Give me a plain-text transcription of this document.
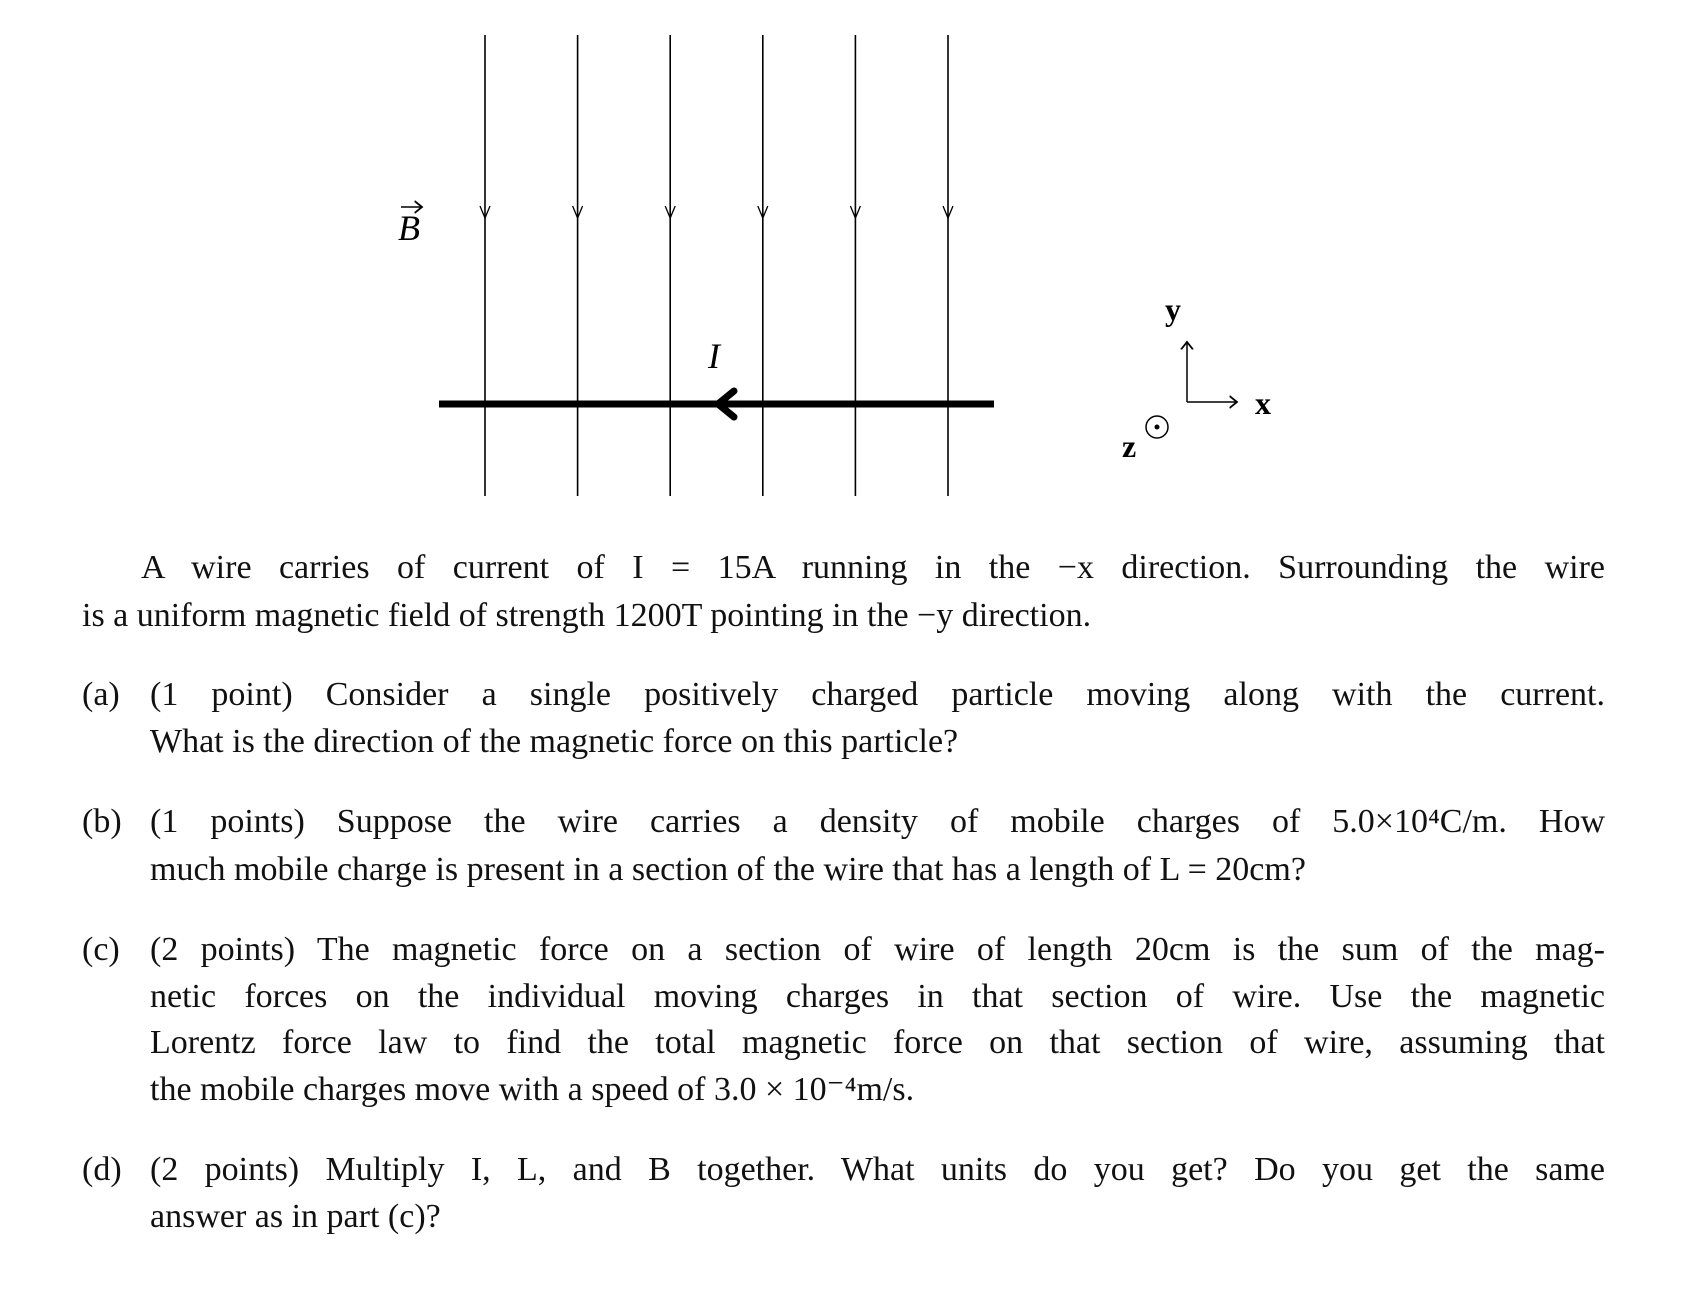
B
I
y
x
z
A wire carries of current of I = 15A running in the −x direction. Surrounding the wire
is a uniform magnetic field of strength 1200T pointing in the −y direction.
(a) (1 point) Consider a single positively charged particle moving along with the current.
What is the direction of the magnetic force on this particle?
(b) (1 points) Suppose the wire carries a density of mobile charges of 5.0×10⁴C/m. How
much mobile charge is present in a section of the wire that has a length of L = 20cm?
(c) (2 points) The magnetic force on a section of wire of length 20cm is the sum of the mag-
netic forces on the individual moving charges in that section of wire. Use the magnetic
Lorentz force law to find the total magnetic force on that section of wire, assuming that
the mobile charges move with a speed of 3.0 × 10⁻⁴m/s.
(d) (2 points) Multiply I, L, and B together. What units do you get? Do you get the same
answer as in part (c)?
